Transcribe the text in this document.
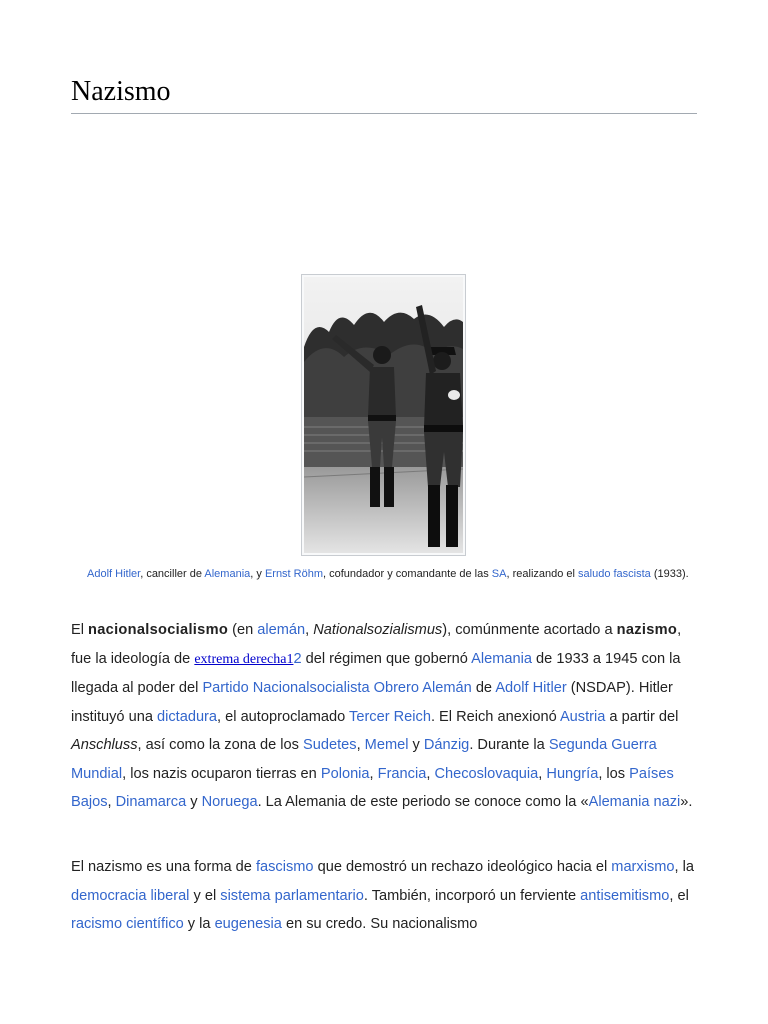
Nazismo

Adolf Hitler, canciller de Alemania, y Ernst Röhm, cofundador y comandante de las SA, realizando el saludo fascista (1933).

El nacionalsocialismo (en alemán, Nationalsozialismus), comúnmente acortado a nazismo, fue la ideología de extrema derecha12 del régimen que gobernó Alemania de 1933 a 1945 con la llegada al poder del Partido Nacionalsocialista Obrero Alemán de Adolf Hitler (NSDAP). Hitler instituyó una dictadura, el autoproclamado Tercer Reich. El Reich anexionó Austria a partir del Anschluss, así como la zona de los Sudetes, Memel y Dánzig. Durante la Segunda Guerra Mundial, los nazis ocuparon tierras en Polonia, Francia, Checoslovaquia, Hungría, los Países Bajos, Dinamarca y Noruega. La Alemania de este periodo se conoce como la «Alemania nazi».

El nazismo es una forma de fascismo que demostró un rechazo ideológico hacia el marxismo, la democracia liberal y el sistema parlamentario. También, incorporó un ferviente antisemitismo, el racismo científico y la eugenesia en su credo. Su nacionalismo
